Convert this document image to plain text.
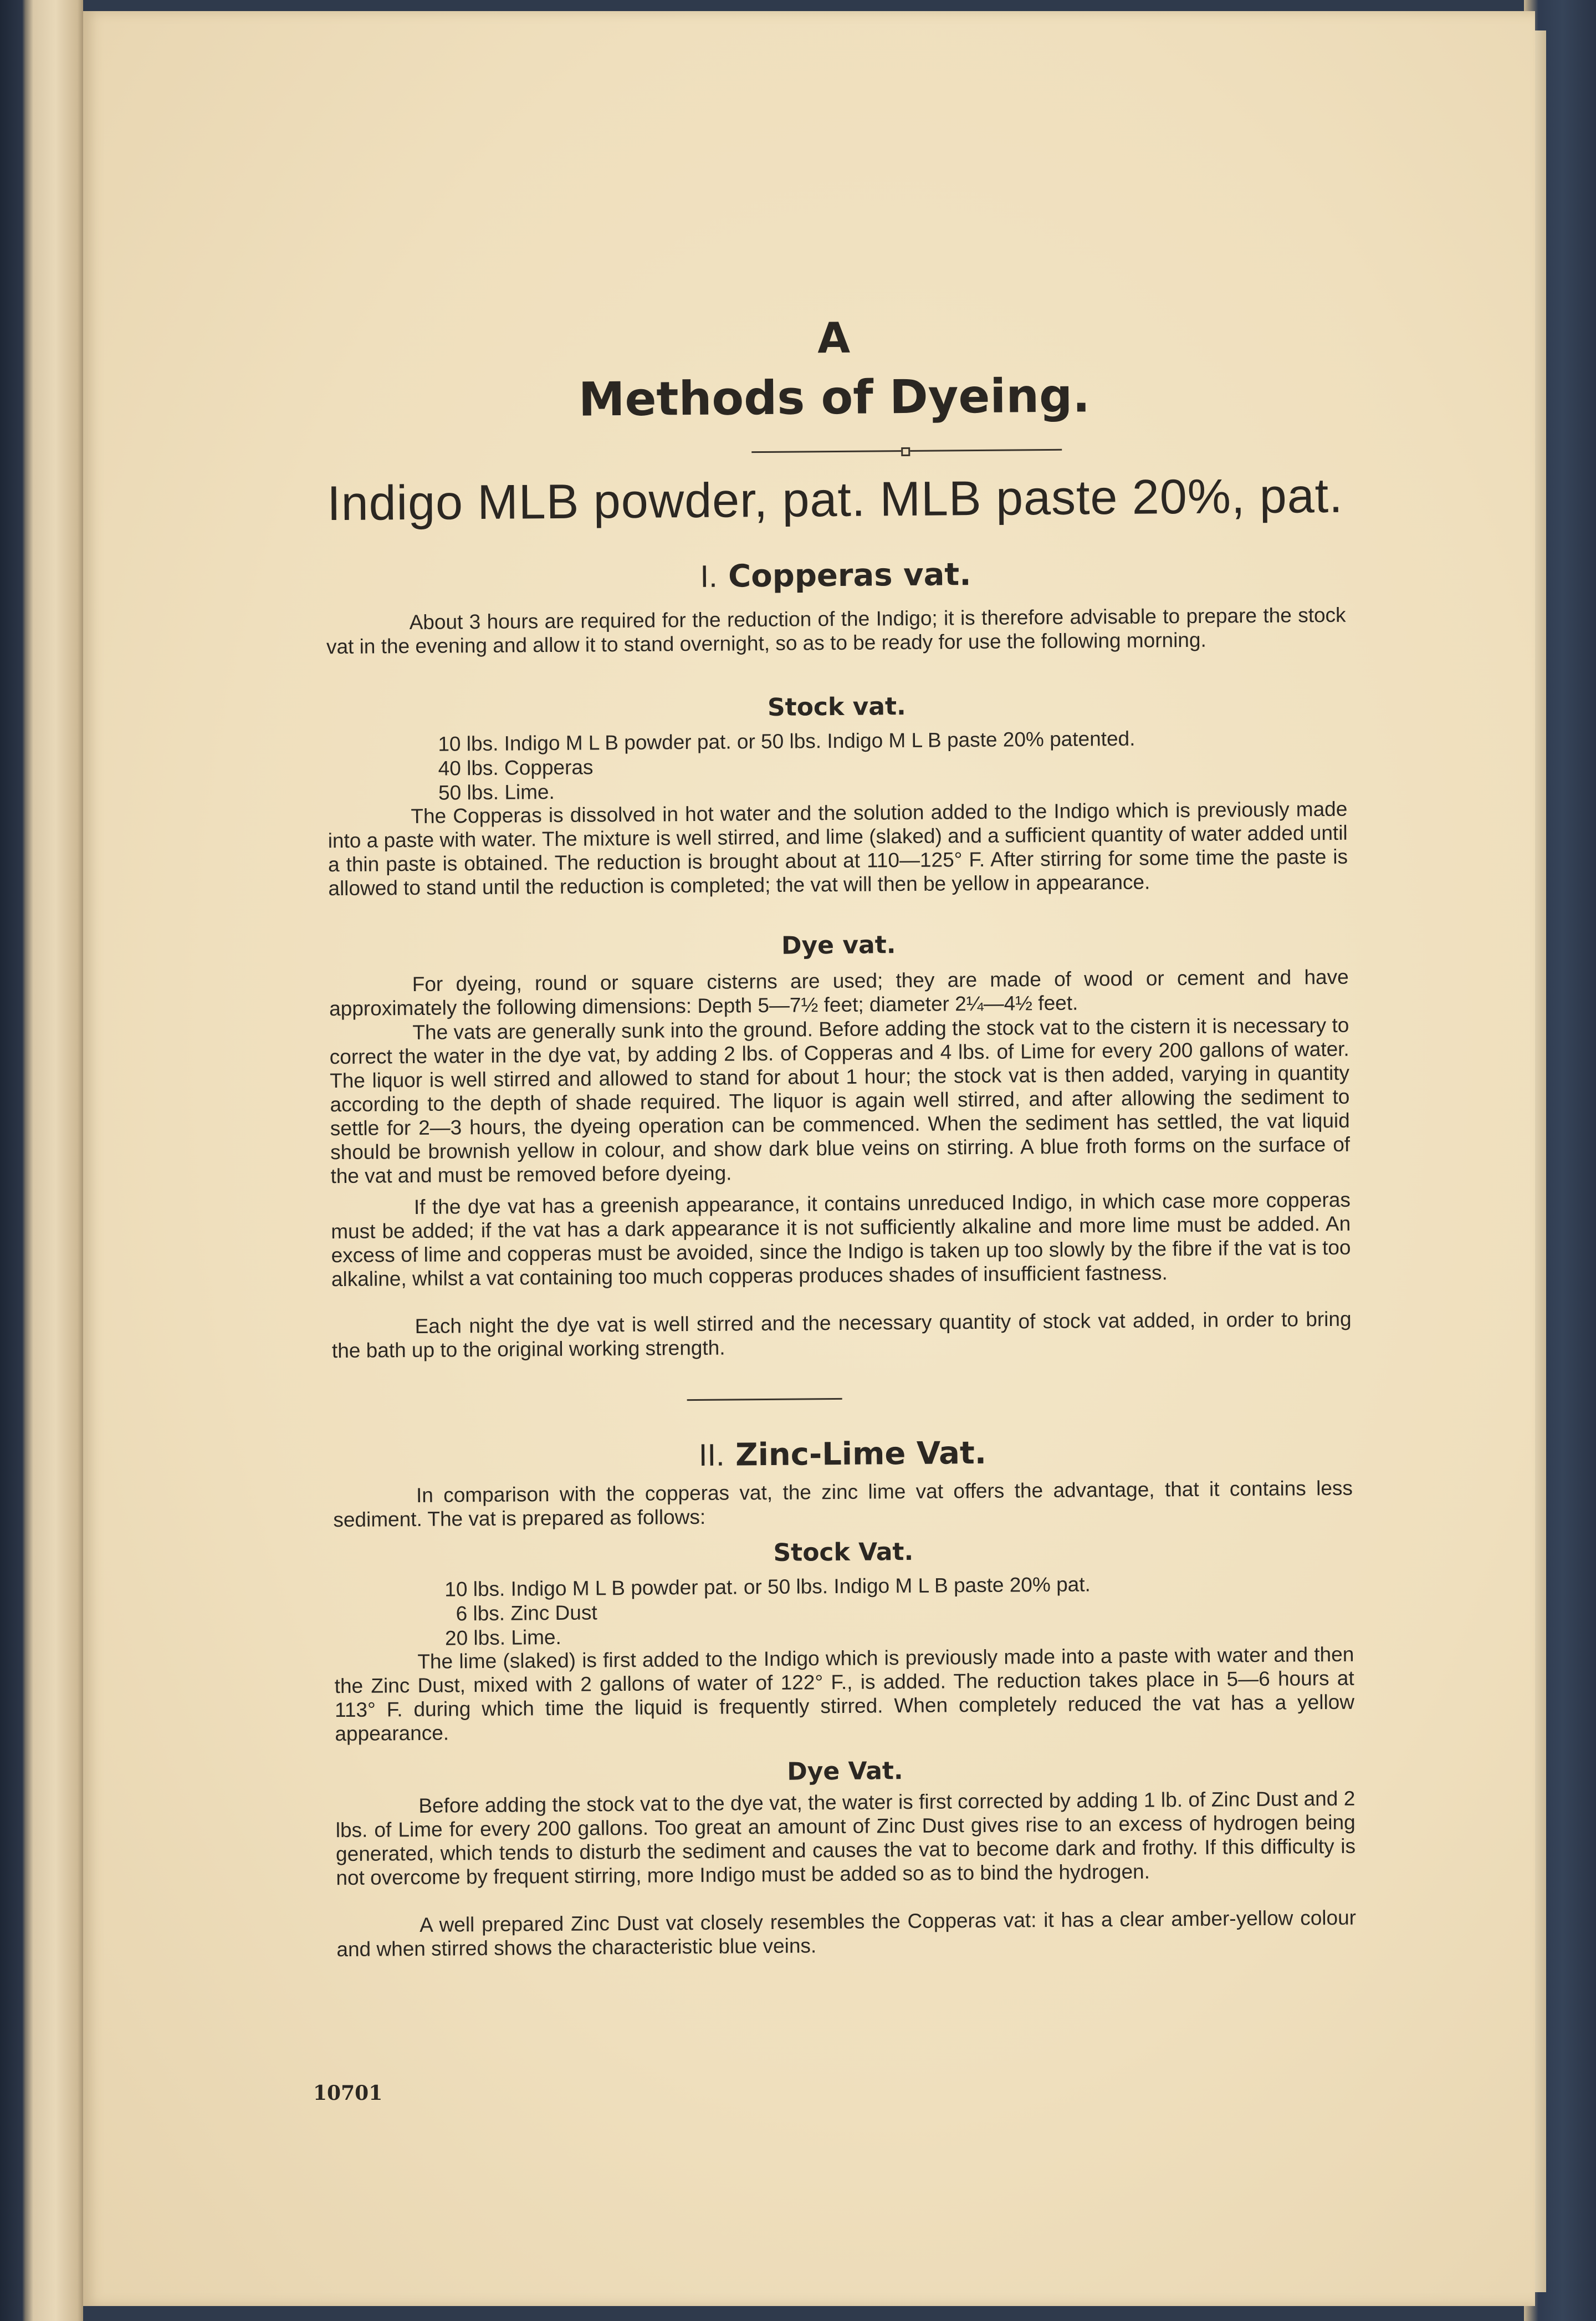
A
Methods of Dyeing.
Indigo MLB powder, pat. MLB paste 20%, pat.
I. Copperas vat.
About 3 hours are required for the reduction of the Indigo; it is therefore advisable to prepare the stock vat in the evening and allow it to stand overnight, so as to be ready for use the following morning.
Stock vat.
10 lbs. Indigo M L B powder pat. or 50 lbs. Indigo M L B paste 20% patented.
40 lbs. Copperas
50 lbs. Lime.
The Copperas is dissolved in hot water and the solution added to the Indigo which is previously made into a paste with water. The mixture is well stirred, and lime (slaked) and a sufficient quantity of water added until a thin paste is obtained. The reduction is brought about at 110—125° F. After stirring for some time the paste is allowed to stand until the reduction is completed; the vat will then be yellow in appearance.
Dye vat.
For dyeing, round or square cisterns are used; they are made of wood or cement and have approximately the following dimensions: Depth 5—7½ feet; diameter 2¼—4½ feet.
The vats are generally sunk into the ground. Before adding the stock vat to the cistern it is necessary to correct the water in the dye vat, by adding 2 lbs. of Copperas and 4 lbs. of Lime for every 200 gallons of water. The liquor is well stirred and allowed to stand for about 1 hour; the stock vat is then added, varying in quantity according to the depth of shade required. The liquor is again well stirred, and after allowing the sediment to settle for 2—3 hours, the dyeing operation can be commenced. When the sediment has settled, the vat liquid should be brownish yellow in colour, and show dark blue veins on stirring. A blue froth forms on the surface of the vat and must be removed before dyeing.
If the dye vat has a greenish appearance, it contains unreduced Indigo, in which case more copperas must be added; if the vat has a dark appearance it is not sufficiently alkaline and more lime must be added. An excess of lime and copperas must be avoided, since the Indigo is taken up too slowly by the fibre if the vat is too alkaline, whilst a vat containing too much copperas produces shades of insufficient fastness.
Each night the dye vat is well stirred and the necessary quantity of stock vat added, in order to bring the bath up to the original working strength.
II. Zinc-Lime Vat.
In comparison with the copperas vat, the zinc lime vat offers the advantage, that it contains less sediment. The vat is prepared as follows:
Stock Vat.
10 lbs. Indigo M L B powder pat. or 50 lbs. Indigo M L B paste 20% pat.
6 lbs. Zinc Dust
20 lbs. Lime.
The lime (slaked) is first added to the Indigo which is previously made into a paste with water and then the Zinc Dust, mixed with 2 gallons of water of 122° F., is added. The reduction takes place in 5—6 hours at 113° F. during which time the liquid is frequently stirred. When completely reduced the vat has a yellow appearance.
Dye Vat.
Before adding the stock vat to the dye vat, the water is first corrected by adding 1 lb. of Zinc Dust and 2 lbs. of Lime for every 200 gallons. Too great an amount of Zinc Dust gives rise to an excess of hydrogen being generated, which tends to disturb the sediment and causes the vat to become dark and frothy. If this difficulty is not overcome by frequent stirring, more Indigo must be added so as to bind the hydrogen.
A well prepared Zinc Dust vat closely resembles the Copperas vat: it has a clear amber-yellow colour and when stirred shows the characteristic blue veins.
10701
